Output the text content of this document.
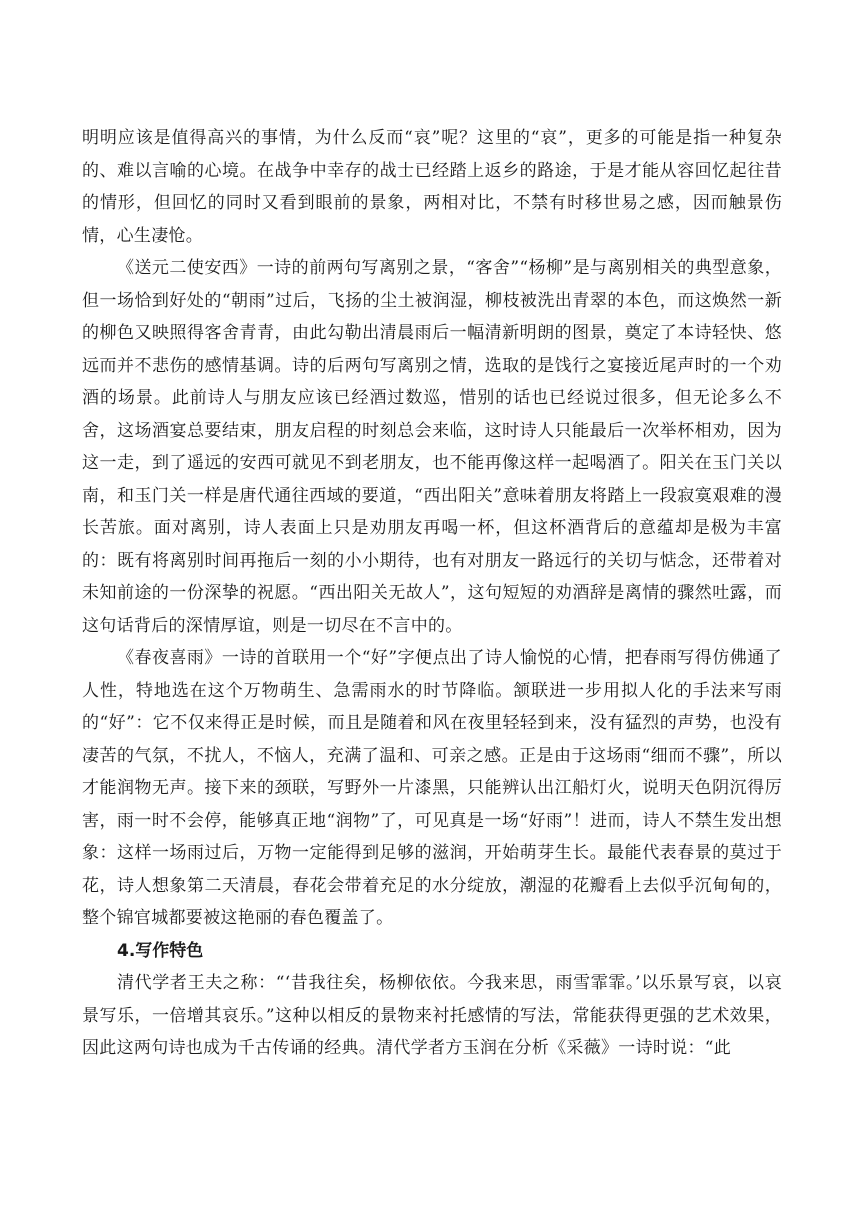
明明应该是值得高兴的事情，为什么反而“哀”呢？这里的“哀”，更多的可能是指一种复杂的、难以言喻的心境。在战争中幸存的战士已经踏上返乡的路途，于是才能从容回忆起往昔的情形，但回忆的同时又看到眼前的景象，两相对比，不禁有时移世易之感，因而触景伤情，心生凄怆。

《送元二使安西》一诗的前两句写离别之景，“客舍”“杨柳”是与离别相关的典型意象，但一场恰到好处的“朝雨”过后，飞扬的尘土被润湿，柳枝被洗出青翠的本色，而这焕然一新的柳色又映照得客舍青青，由此勾勒出清晨雨后一幅清新明朗的图景，奠定了本诗轻快、悠远而并不悲伤的感情基调。诗的后两句写离别之情，选取的是饯行之宴接近尾声时的一个劝酒的场景。此前诗人与朋友应该已经酒过数巡，惜别的话也已经说过很多，但无论多么不舍，这场酒宴总要结束，朋友启程的时刻总会来临，这时诗人只能最后一次举杯相劝，因为这一走，到了遥远的安西可就见不到老朋友，也不能再像这样一起喝酒了。阳关在玉门关以南，和玉门关一样是唐代通往西域的要道，“西出阳关”意味着朋友将踏上一段寂寞艰难的漫长苦旅。面对离别，诗人表面上只是劝朋友再喝一杯，但这杯酒背后的意蕴却是极为丰富的：既有将离别时间再拖后一刻的小小期待，也有对朋友一路远行的关切与惦念，还带着对未知前途的一份深挚的祝愿。“西出阳关无故人”，这句短短的劝酒辞是离情的骤然吐露，而这句话背后的深情厚谊，则是一切尽在不言中的。

《春夜喜雨》一诗的首联用一个“好”字便点出了诗人愉悦的心情，把春雨写得仿佛通了人性，特地选在这个万物萌生、急需雨水的时节降临。颔联进一步用拟人化的手法来写雨的“好”：它不仅来得正是时候，而且是随着和风在夜里轻轻到来，没有猛烈的声势，也没有凄苦的气氛，不扰人，不恼人，充满了温和、可亲之感。正是由于这场雨“细而不骤”，所以才能润物无声。接下来的颈联，写野外一片漆黑，只能辨认出江船灯火，说明天色阴沉得厉害，雨一时不会停，能够真正地“润物”了，可见真是一场“好雨”！进而，诗人不禁生发出想象：这样一场雨过后，万物一定能得到足够的滋润，开始萌芽生长。最能代表春景的莫过于花，诗人想象第二天清晨，春花会带着充足的水分绽放，潮湿的花瓣看上去似乎沉甸甸的，整个锦官城都要被这艳丽的春色覆盖了。

4.写作特色

清代学者王夫之称：“‘昔我往矣，杨柳依依。今我来思，雨雪霏霏。’以乐景写哀，以哀景写乐，一倍增其哀乐。”这种以相反的景物来衬托感情的写法，常能获得更强的艺术效果，因此这两句诗也成为千古传诵的经典。清代学者方玉润在分析《采薇》一诗时说：“此
